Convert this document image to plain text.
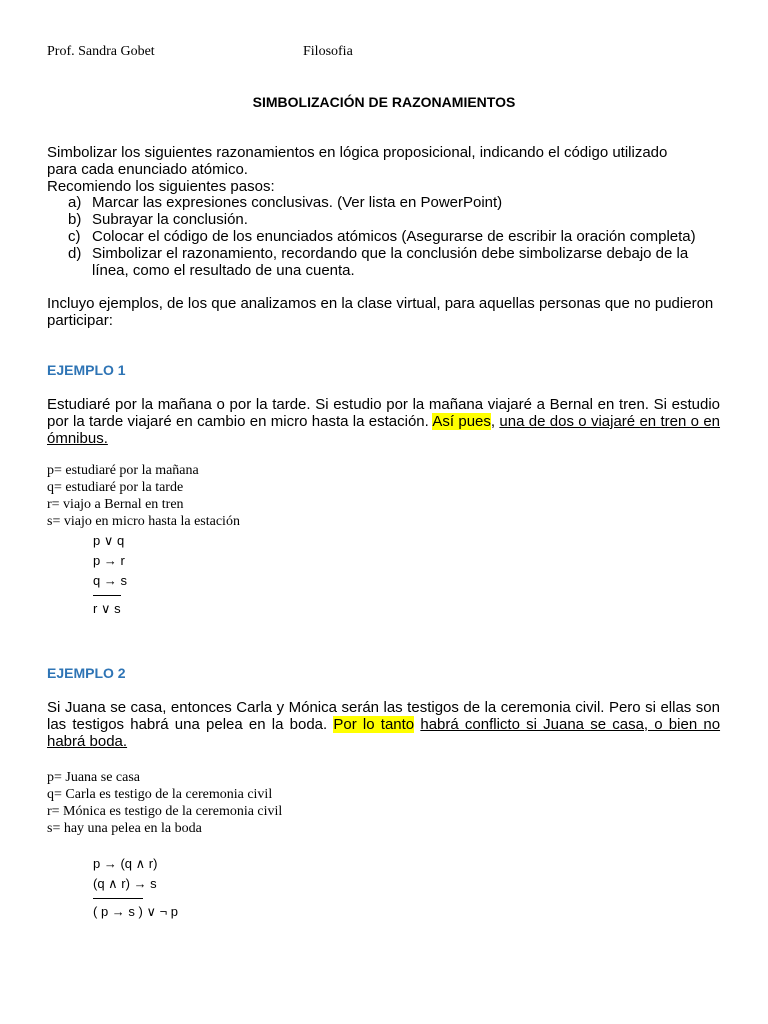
Prof. Sandra Gobet	Filosofia
SIMBOLIZACIÓN DE RAZONAMIENTOS
Simbolizar los siguientes razonamientos en lógica proposicional, indicando el código utilizado
para cada enunciado atómico.
Recomiendo los siguientes pasos:
a) Marcar las expresiones conclusivas. (Ver lista en PowerPoint)
b) Subrayar la conclusión.
c) Colocar el código de los enunciados atómicos (Asegurarse de escribir la oración completa)
d) Simbolizar el razonamiento, recordando que la conclusión debe simbolizarse debajo de la línea, como el resultado de una cuenta.
Incluyo ejemplos, de los que analizamos en la clase virtual, para aquellas personas que no pudieron participar:
EJEMPLO 1
Estudiaré por la mañana o por la tarde. Si estudio por la mañana viajaré a Bernal en tren. Si estudio por la tarde viajaré en cambio en micro hasta la estación. Así pues, una de dos o viajaré en tren o en ómnibus.
p= estudiaré por la mañana
q= estudiaré por la tarde
r= viajo a Bernal en tren
s= viajo en micro hasta la estación
p ∨ q
p → r
q → s
r ∨ s
EJEMPLO 2
Si Juana se casa, entonces Carla y Mónica serán las testigos de la ceremonia civil. Pero si ellas son las testigos habrá una pelea en la boda. Por lo tanto habrá conflicto si Juana se casa, o bien no habrá boda.
p= Juana se casa
q= Carla es testigo de la ceremonia civil
r= Mónica es testigo de la ceremonia civil
s= hay una pelea en la boda
p → (q ∧ r)
(q ∧ r) → s
( p → s ) ∨ ¬ p
